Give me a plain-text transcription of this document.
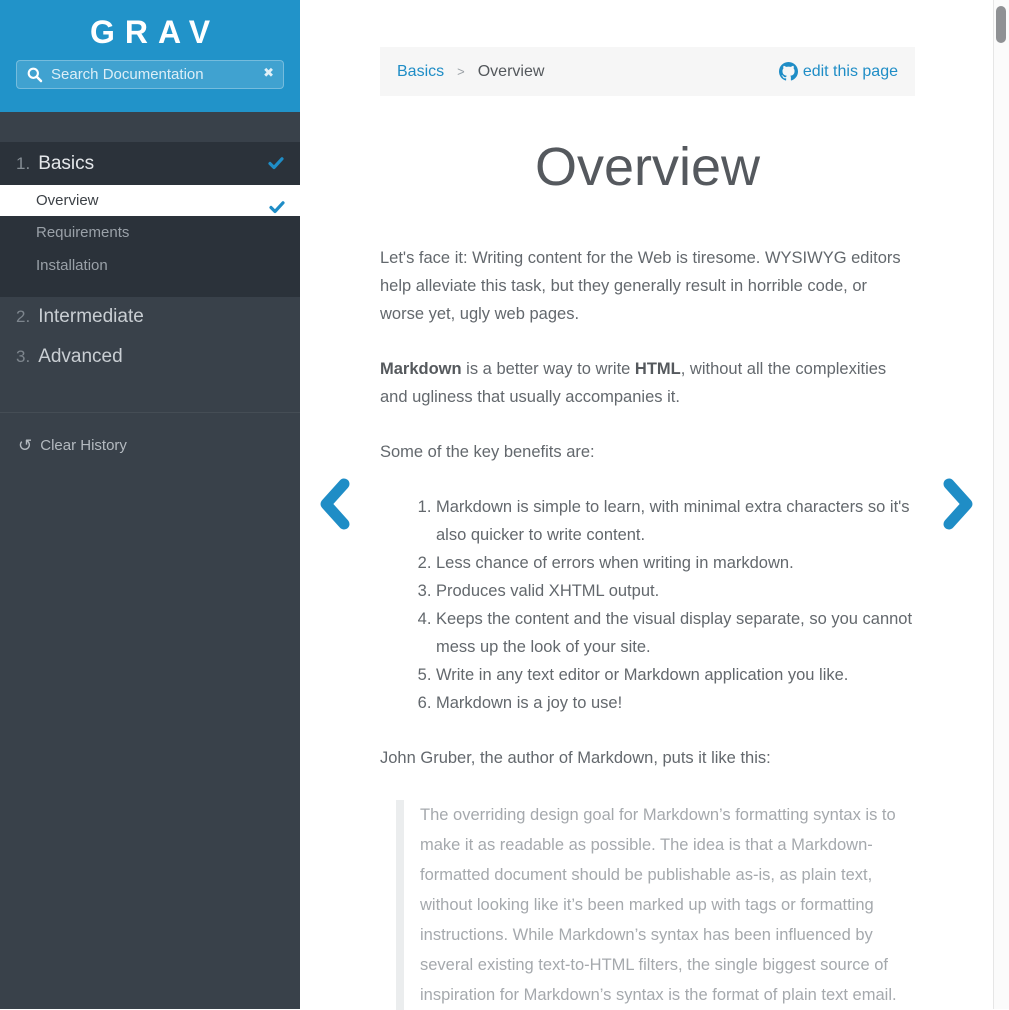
GRAV
Search Documentation
✖
1. Basics
Overview
Requirements
Installation
2. Intermediate
3. Advanced
↺ Clear History
Basics > Overview	edit this page
Overview

Let's face it: Writing content for the Web is tiresome. WYSIWYG editors help alleviate this task, but they generally result in horrible code, or worse yet, ugly web pages.

Markdown is a better way to write HTML, without all the complexities and ugliness that usually accompanies it.

Some of the key benefits are:

1. Markdown is simple to learn, with minimal extra characters so it's also quicker to write content.
2. Less chance of errors when writing in markdown.
3. Produces valid XHTML output.
4. Keeps the content and the visual display separate, so you cannot mess up the look of your site.
5. Write in any text editor or Markdown application you like.
6. Markdown is a joy to use!

John Gruber, the author of Markdown, puts it like this:

The overriding design goal for Markdown’s formatting syntax is to make it as readable as possible. The idea is that a Markdown-formatted document should be publishable as-is, as plain text, without looking like it’s been marked up with tags or formatting instructions. While Markdown’s syntax has been influenced by several existing text-to-HTML filters, the single biggest source of inspiration for Markdown’s syntax is the format of plain text email.
